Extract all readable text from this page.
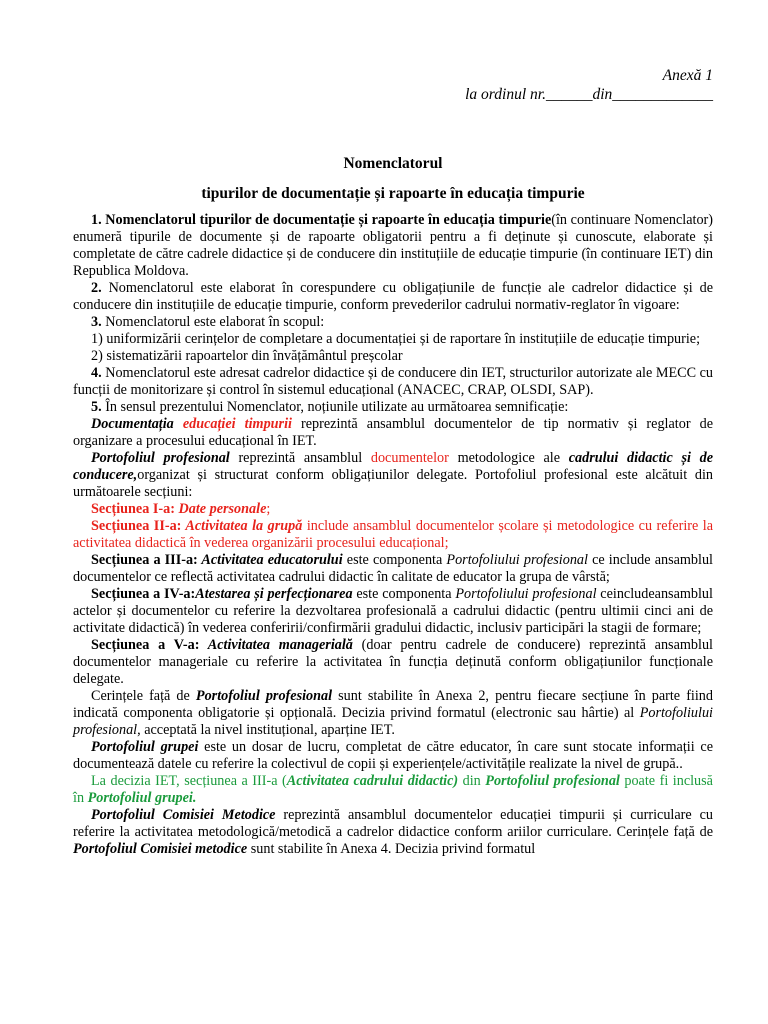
Anexă 1
la ordinul nr.______din_____________
Nomenclatorul
tipurilor de documentație și rapoarte în educația timpurie

1. Nomenclatorul tipurilor de documentație și rapoarte în educația timpurie(în continuare Nomenclator) enumeră tipurile de documente și de rapoarte obligatorii pentru a fi deținute și cunoscute, elaborate și completate de către cadrele didactice și de conducere din instituțiile de educație timpurie (în continuare IET) din Republica Moldova.

2. Nomenclatorul este elaborat în corespundere cu obligațiunile de funcție ale cadrelor didactice și de conducere din instituțiile de educație timpurie, conform prevederilor cadrului normativ-reglator în vigoare:

3. Nomenclatorul este elaborat în scopul:

1) uniformizării cerințelor de completare a documentației și de raportare în instituțiile de educație timpurie;

2) sistematizării rapoartelor din învățământul preșcolar

4. Nomenclatorul este adresat cadrelor didactice și de conducere din IET, structurilor autorizate ale MECC cu funcții de monitorizare și control în sistemul educațional (ANACEC, CRAP, OLSDI, SAP).

5. În sensul prezentului Nomenclator, noțiunile utilizate au următoarea semnificație:

Documentația educației timpurii reprezintă ansamblul documentelor de tip normativ și reglator de organizare a procesului educațional în IET.

Portofoliul profesional reprezintă ansamblul documentelor metodologice ale cadrului didactic și de conducere,organizat și structurat conform obligațiunilor delegate. Portofoliul profesional este alcătuit din următoarele secțiuni:

Secțiunea I-a: Date personale;

Secțiunea II-a: Activitatea la grupă include ansamblul documentelor școlare și metodologice cu referire la activitatea didactică în vederea organizării procesului educațional;

Secțiunea a III-a: Activitatea educatorului este componenta Portofoliului profesional ce include ansamblul documentelor ce reflectă activitatea cadrului didactic în calitate de educator la grupa de vârstă;

Secțiunea a IV-a:Atestarea și perfecționarea este componenta Portofoliului profesional ceincludeansamblul actelor și documentelor cu referire la dezvoltarea profesională a cadrului didactic (pentru ultimii cinci ani de activitate didactică) în vederea conferirii/confirmării gradului didactic, inclusiv participări la stagii de formare;

Secțiunea a V-a: Activitatea managerială (doar pentru cadrele de conducere) reprezintă ansamblul documentelor manageriale cu referire la activitatea în funcția deținută conform obligațiunilor funcționale delegate.

Cerințele față de Portofoliul profesional sunt stabilite în Anexa 2, pentru fiecare secțiune în parte fiind indicată componenta obligatorie și opțională. Decizia privind formatul (electronic sau hârtie) al Portofoliului profesional, acceptată la nivel instituțional, aparține IET.

Portofoliul grupei este un dosar de lucru, completat de către educator, în care sunt stocate informații ce documentează datele cu referire la colectivul de copii și experiențele/activitățile realizate la nivel de grupă..

La decizia IET, secțiunea a III-a (Activitatea cadrului didactic) din Portofoliul profesional poate fi inclusă în Portofoliul grupei.

Portofoliul Comisiei Metodice reprezintă ansamblul documentelor educației timpurii și curriculare cu referire la activitatea metodologică/metodică a cadrelor didactice conform ariilor curriculare. Cerințele față de Portofoliul Comisiei metodice sunt stabilite în Anexa 4. Decizia privind formatul
